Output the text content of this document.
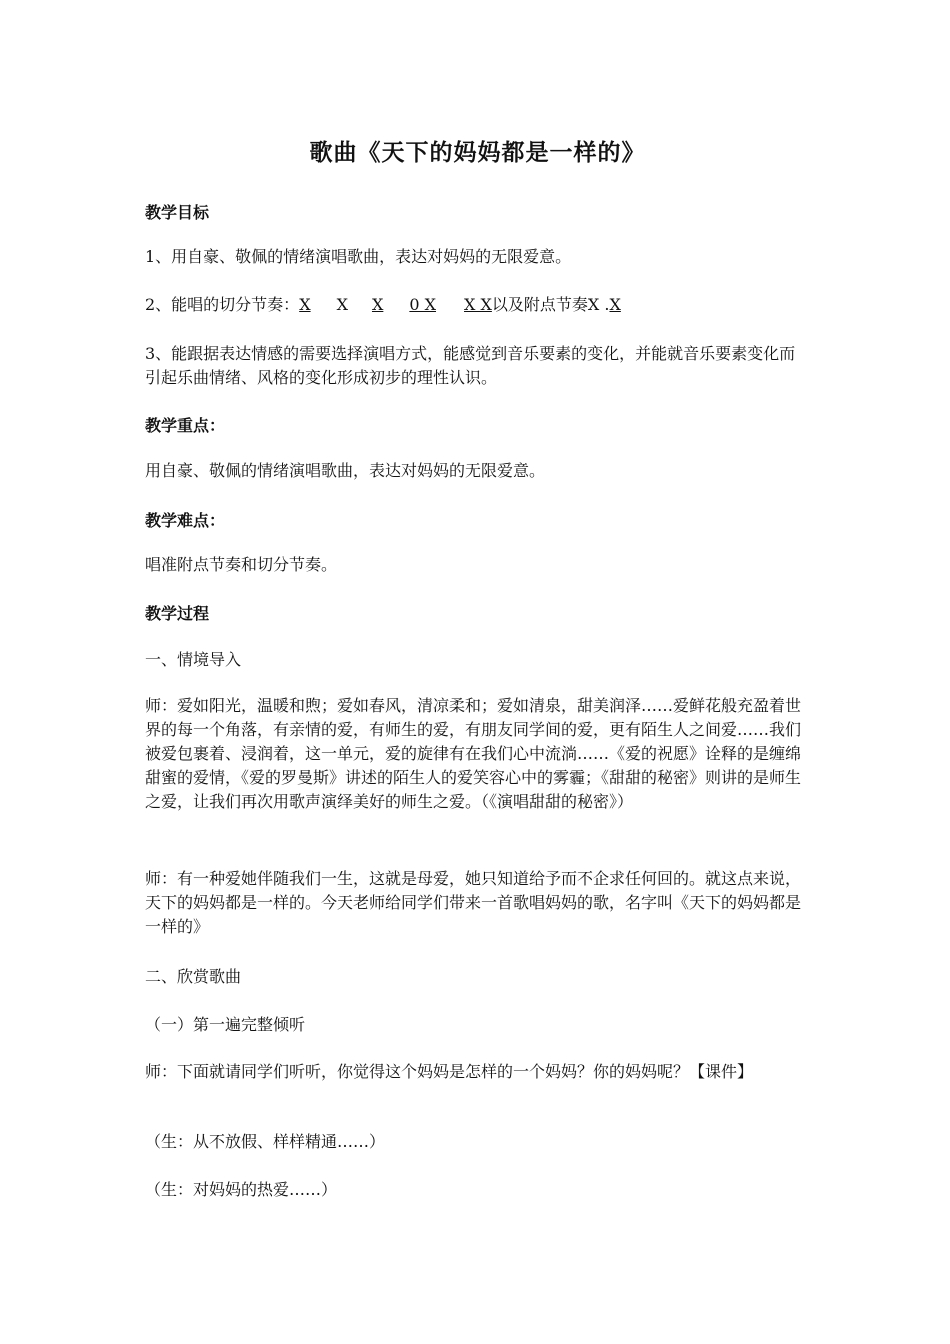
歌曲《天下的妈妈都是一样的》
教学目标
1、用自豪、敬佩的情绪演唱歌曲，表达对妈妈的无限爱意。
2、能唱的切分节奏：X X X 0 X X X以及附点节奏X .X
3、能跟据表达情感的需要选择演唱方式，能感觉到音乐要素的变化，并能就音乐要素变化而引起乐曲情绪、风格的变化形成初步的理性认识。
教学重点：
用自豪、敬佩的情绪演唱歌曲，表达对妈妈的无限爱意。
教学难点：
唱准附点节奏和切分节奏。
教学过程
一、情境导入
师：爱如阳光，温暖和煦；爱如春风，清凉柔和；爱如清泉，甜美润泽……爱鲜花般充盈着世界的每一个角落，有亲情的爱，有师生的爱，有朋友同学间的爱，更有陌生人之间爱……我们被爱包裹着、浸润着，这一单元，爱的旋律有在我们心中流淌……《爱的祝愿》诠释的是缠绵甜蜜的爱情，《爱的罗曼斯》讲述的陌生人的爱笑容心中的雾霾；《甜甜的秘密》则讲的是师生之爱，让我们再次用歌声演绎美好的师生之爱。（《演唱甜甜的秘密》）
师：有一种爱她伴随我们一生，这就是母爱，她只知道给予而不企求任何回的。就这点来说，天下的妈妈都是一样的。今天老师给同学们带来一首歌唱妈妈的歌，名字叫《天下的妈妈都是一样的》
二、欣赏歌曲
（一）第一遍完整倾听
师：下面就请同学们听听，你觉得这个妈妈是怎样的一个妈妈？你的妈妈呢？【课件】
（生：从不放假、样样精通……）
（生：对妈妈的热爱……）
